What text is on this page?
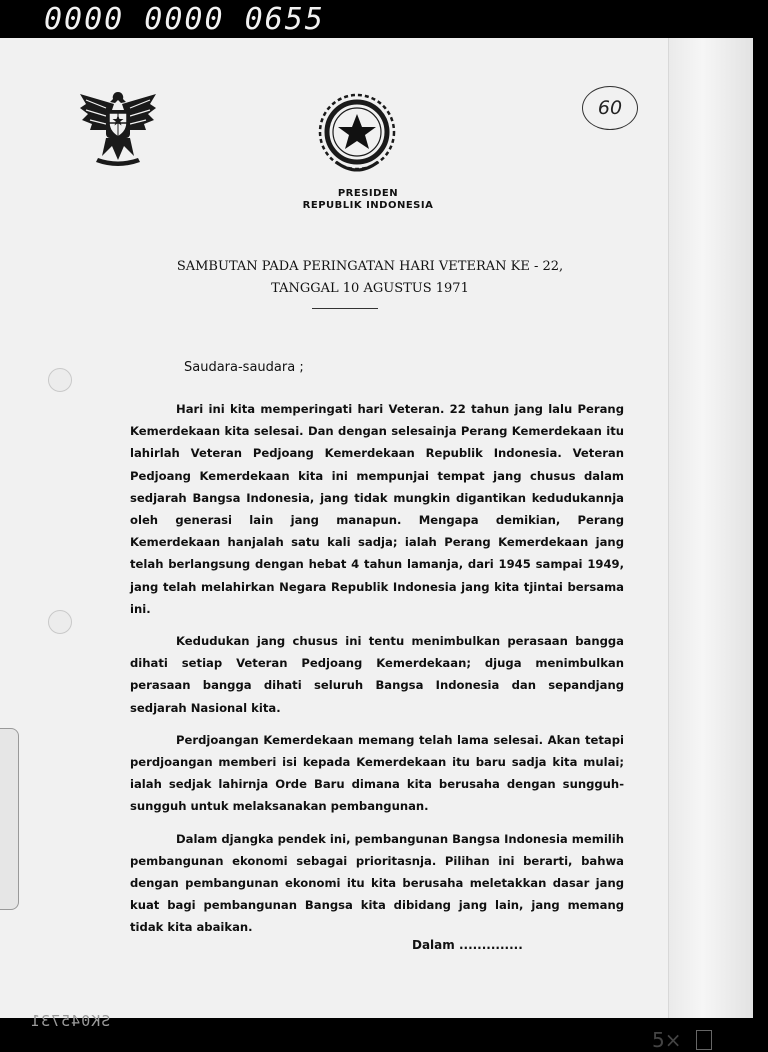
0000 0000 0655
60
PRESIDEN
REPUBLIK INDONESIA
SAMBUTAN PADA PERINGATAN HARI VETERAN KE - 22,
TANGGAL 10 AGUSTUS 1971
Saudara-saudara ;

Hari ini kita memperingati hari Veteran. 22 tahun jang lalu Perang Kemerdekaan kita selesai. Dan dengan selesainja Perang Kemerdekaan itu lahirlah Veteran Pedjoang Kemerdekaan Republik Indonesia. Veteran Pedjoang Kemerdekaan kita ini mempunjai tempat jang chusus dalam sedjarah Bangsa Indonesia, jang tidak mungkin digantikan kedudukannja oleh generasi lain jang manapun. Mengapa demikian, Perang Kemerdekaan hanjalah satu kali sadja; ialah Perang Kemerdekaan jang telah berlangsung dengan hebat 4 tahun lamanja, dari 1945 sampai 1949, jang telah melahirkan Negara Republik Indonesia jang kita tjintai bersama ini.

Kedudukan jang chusus ini tentu menimbulkan perasaan bangga dihati setiap Veteran Pedjoang Kemerdekaan; djuga menimbulkan perasaan bangga dihati seluruh Bangsa Indonesia dan sepandjang sedjarah Nasional kita.

Perdjoangan Kemerdekaan memang telah lama selesai. Akan tetapi perdjoangan memberi isi kepada Kemerdekaan itu baru sadja kita mulai; ialah sedjak lahirnja Orde Baru dimana kita berusaha dengan sungguh-sungguh untuk melaksanakan pembangunan.

Dalam djangka pendek ini, pembangunan Bangsa Indonesia memilih pembangunan ekonomi sebagai prioritasnja. Pilihan ini berarti, bahwa dengan pembangunan ekonomi itu kita berusaha meletakkan dasar jang kuat bagi pembangunan Bangsa kita dibidang jang lain, jang memang tidak kita abaikan.

Dalam ..............
SK045731
5×
